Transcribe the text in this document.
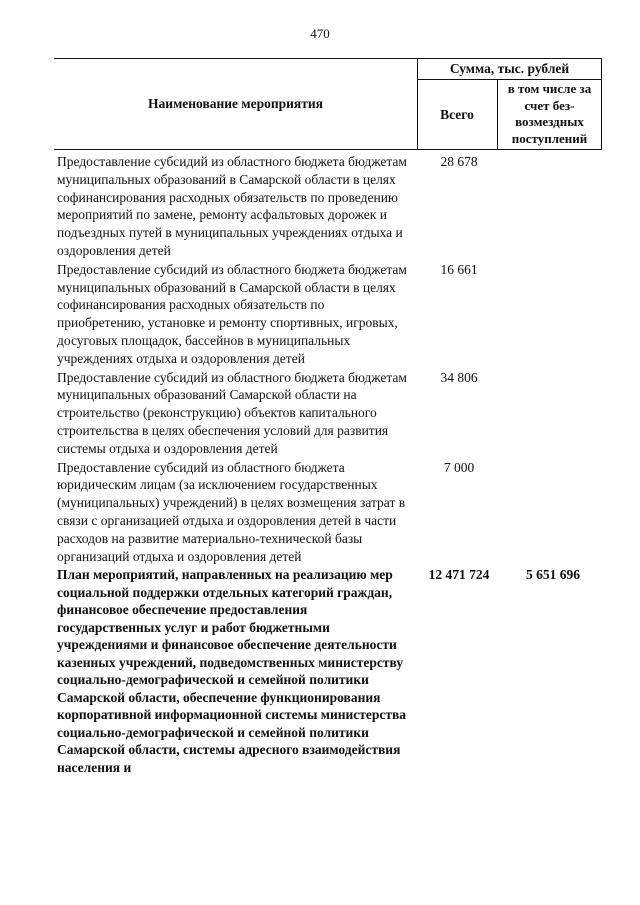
470
Наименование мероприятия
Сумма, тыс. рублей
Всего
в том числе за счет без-возмездных поступлений
Предоставление субсидий из областного бюджета бюджетам муниципальных образований в Самарской области в целях софинансирования расходных обязательств по проведению мероприятий по замене, ремонту асфальтовых дорожек и подъездных путей в муниципальных учреждениях отдыха и оздоровления детей
28 678
Предоставление субсидий из областного бюджета бюджетам муниципальных образований в Самарской области в целях софинансирования расходных обязательств по приобретению, установке и ремонту спортивных, игровых, досуговых площадок, бассейнов в муниципальных учреждениях отдыха и оздоровления детей
16 661
Предоставление субсидий из областного бюджета бюджетам муниципальных образований Самарской области на строительство (реконструкцию) объектов капитального строительства в целях обеспечения условий для развития системы отдыха и оздоровления детей
34 806
Предоставление субсидий из областного бюджета юридическим лицам (за исключением государственных (муниципальных) учреждений) в целях возмещения затрат в связи с организацией отдыха и оздоровления детей в части расходов на развитие материально-технической базы организаций отдыха и оздоровления детей
7 000
План мероприятий, направленных на реализацию мер социальной поддержки отдельных категорий граждан, финансовое обеспечение предоставления государственных услуг и работ бюджетными учреждениями и финансовое обеспечение деятельности казенных учреждений, подведомственных министерству социально-демографической и семейной политики Самарской области, обеспечение функционирования корпоративной информационной системы министерства социально-демографической и семейной политики Самарской области, системы адресного взаимодействия населения и
12 471 724	5 651 696
